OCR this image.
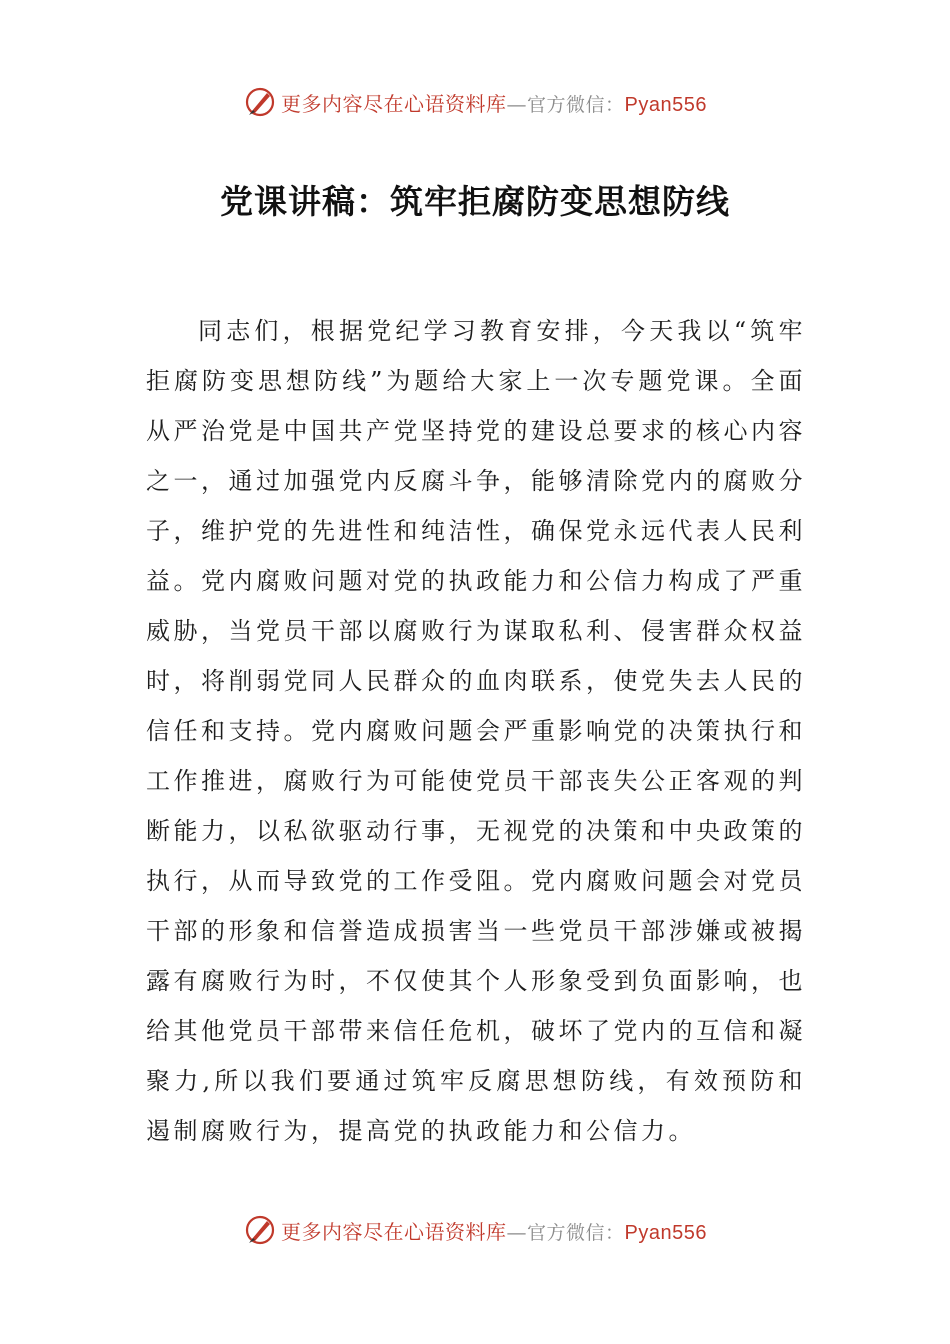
更多内容尽在心语资料库—官方微信：Pyan556
党课讲稿：筑牢拒腐防变思想防线

同志们，根据党纪学习教育安排，今天我以“筑牢拒腐防变思想防线”为题给大家上一次专题党课。全面从严治党是中国共产党坚持党的建设总要求的核心内容之一，通过加强党内反腐斗争，能够清除党内的腐败分子，维护党的先进性和纯洁性，确保党永远代表人民利益。党内腐败问题对党的执政能力和公信力构成了严重威胁，当党员干部以腐败行为谋取私利、侵害群众权益时，将削弱党同人民群众的血肉联系，使党失去人民的信任和支持。党内腐败问题会严重影响党的决策执行和工作推进，腐败行为可能使党员干部丧失公正客观的判断能力，以私欲驱动行事，无视党的决策和中央政策的执行，从而导致党的工作受阻。党内腐败问题会对党员干部的形象和信誉造成损害当一些党员干部涉嫌或被揭露有腐败行为时，不仅使其个人形象受到负面影响，也给其他党员干部带来信任危机，破坏了党内的互信和凝聚力,所以我们要通过筑牢反腐思想防线，有效预防和遏制腐败行为，提高党的执政能力和公信力。

更多内容尽在心语资料库—官方微信：Pyan556
